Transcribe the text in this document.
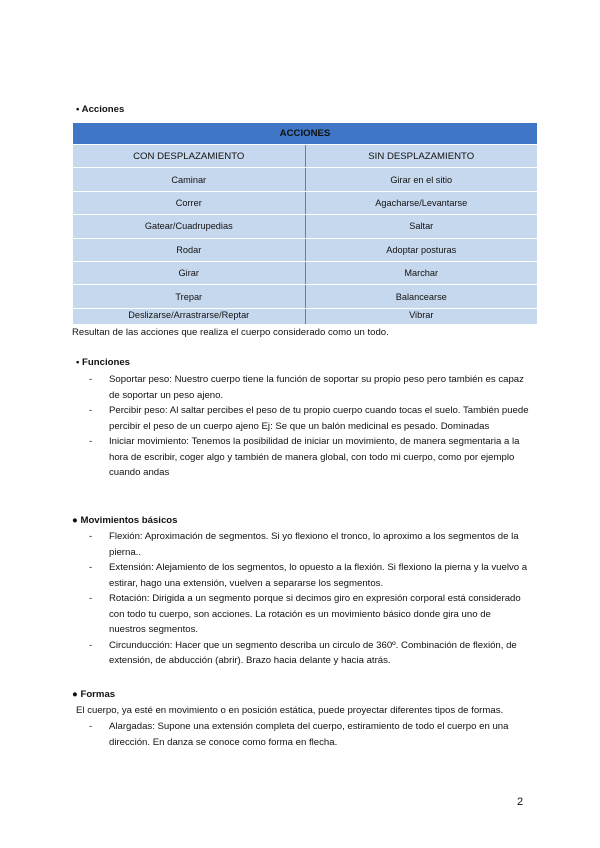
• Acciones
ACCIONES	
CON DESPLAZAMIENTO	SIN DESPLAZAMIENTO
Caminar	Girar en el sitio
Correr	Agacharse/Levantarse
Gatear/Cuadrupedias	Saltar
Rodar	Adoptar posturas
Girar	Marchar
Trepar	Balancearse
Deslizarse/Arrastrarse/Reptar	Vibrar
Resultan de las acciones que realiza el cuerpo considerado como un todo.
• Funciones
- Soportar peso: Nuestro cuerpo tiene la función de soportar su propio peso pero también es capaz de soportar un peso ajeno.
- Percibir peso: Al saltar percibes el peso de tu propio cuerpo cuando tocas el suelo. También puede percibir el peso de un cuerpo ajeno Ej: Se que un balón medicinal es pesado. Dominadas
- Iniciar movimiento: Tenemos la posibilidad de iniciar un movimiento, de manera segmentaria a la hora de escribir, coger algo y también de manera global, con todo mi cuerpo, como por ejemplo cuando andas
● Movimientos básicos
- Flexión: Aproximación de segmentos. Si yo flexiono el tronco, lo aproximo a los segmentos de la pierna..
- Extensión: Alejamiento de los segmentos, lo opuesto a la flexión. Si flexiono la pierna y la vuelvo a estirar, hago una extensión, vuelven a separarse los segmentos.
- Rotación: Dirigida a un segmento porque si decimos giro en expresión corporal está considerado con todo tu cuerpo, son acciones. La rotación es un movimiento básico donde gira uno de nuestros segmentos.
- Circunducción: Hacer que un segmento describa un circulo de 360º. Combinación de flexión, de extensión, de abducción (abrir). Brazo hacia delante y hacia atrás.
● Formas
El cuerpo, ya esté en movimiento o en posición estática, puede proyectar diferentes tipos de formas.
- Alargadas: Supone una extensión completa del cuerpo, estiramiento de todo el cuerpo en una dirección. En danza se conoce como forma en flecha.
2
